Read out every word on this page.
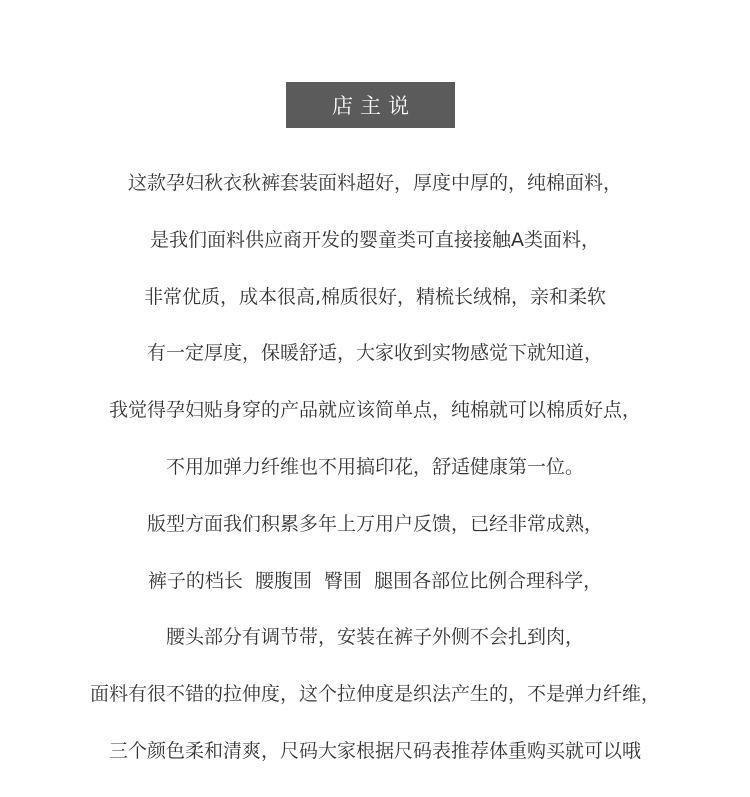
店主说
这款孕妇秋衣秋裤套装面料超好，厚度中厚的，纯棉面料，
是我们面料供应商开发的婴童类可直接接触A类面料，
非常优质，成本很高,棉质很好，精梳长绒棉，亲和柔软
有一定厚度，保暖舒适，大家收到实物感觉下就知道，
我觉得孕妇贴身穿的产品就应该简单点，纯棉就可以棉质好点，
不用加弹力纤维也不用搞印花，舒适健康第一位。
版型方面我们积累多年上万用户反馈，已经非常成熟，
裤子的档长  腰腹围  臀围  腿围各部位比例合理科学，
腰头部分有调节带，安装在裤子外侧不会扎到肉，
面料有很不错的拉伸度，这个拉伸度是织法产生的，不是弹力纤维，
三个颜色柔和清爽，尺码大家根据尺码表推荐体重购买就可以哦
